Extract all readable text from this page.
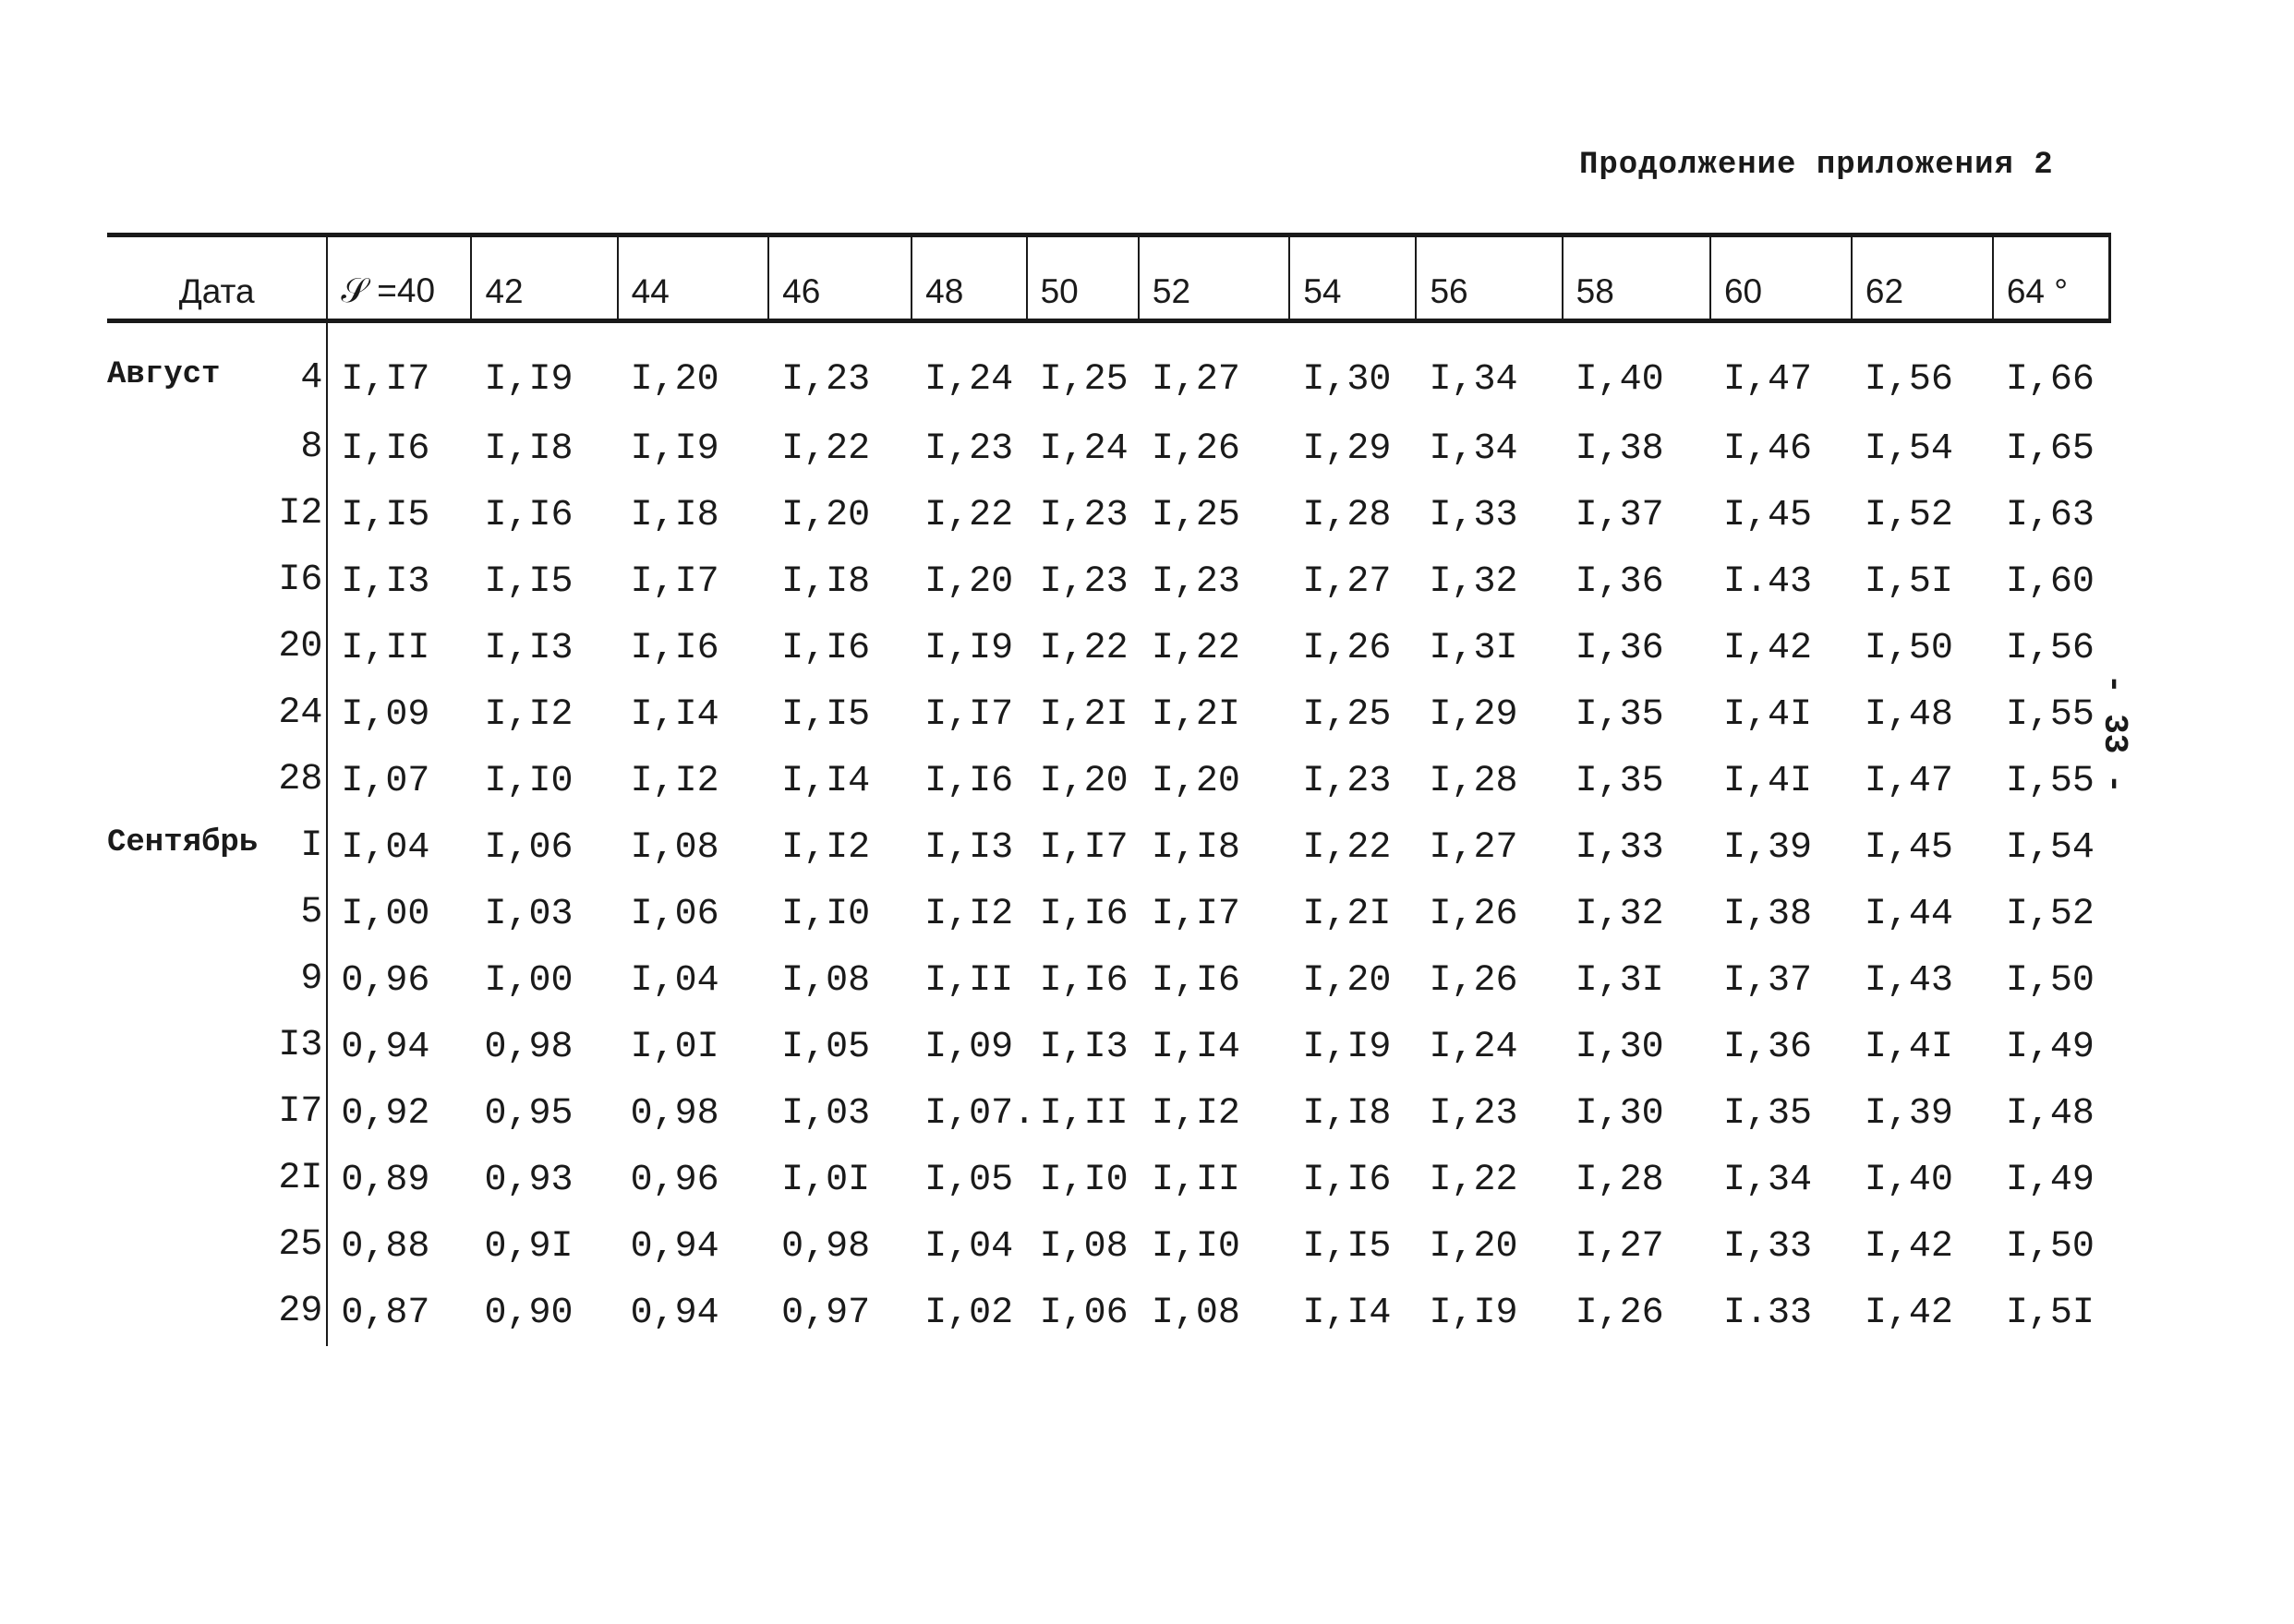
Продолжение приложения 2
- 33 -
Дата	𝒮 =40	42	44	46	48	50	52	54	56	58	60	62	64 °

Август 4	I,I7	I,I9	I,20	I,23	I,24	I,25	I,27	I,30	I,34	I,40	I,47	I,56	I,66

8	I,I6	I,I8	I,I9	I,22	I,23	I,24	I,26	I,29	I,34	I,38	I,46	I,54	I,65

I2	I,I5	I,I6	I,I8	I,20	I,22	I,23	I,25	I,28	I,33	I,37	I,45	I,52	I,63

I6	I,I3	I,I5	I,I7	I,I8	I,20	I,23	I,23	I,27	I,32	I,36	I.43	I,5I	I,60

20	I,II	I,I3	I,I6	I,I6	I,I9	I,22	I,22	I,26	I,3I	I,36	I,42	I,50	I,56

24	I,09	I,I2	I,I4	I,I5	I,I7	I,2I	I,2I	I,25	I,29	I,35	I,4I	I,48	I,55

28	I,07	I,I0	I,I2	I,I4	I,I6	I,20	I,20	I,23	I,28	I,35	I,4I	I,47	I,55

Сентябрь I	I,04	I,06	I,08	I,I2	I,I3	I,I7	I,I8	I,22	I,27	I,33	I,39	I,45	I,54

5	I,00	I,03	I,06	I,I0	I,I2	I,I6	I,I7	I,2I	I,26	I,32	I,38	I,44	I,52

9	0,96	I,00	I,04	I,08	I,II	I,I6	I,I6	I,20	I,26	I,3I	I,37	I,43	I,50

I3	0,94	0,98	I,0I	I,05	I,09	I,I3	I,I4	I,I9	I,24	I,30	I,36	I,4I	I,49

I7	0,92	0,95	0,98	I,03	I,07.	I,II	I,I2	I,I8	I,23	I,30	I,35	I,39	I,48

2I	0,89	0,93	0,96	I,0I	I,05	I,I0	I,II	I,I6	I,22	I,28	I,34	I,40	I,49

25	0,88	0,9I	0,94	0,98	I,04	I,08	I,I0	I,I5	I,20	I,27	I,33	I,42	I,50

29	0,87	0,90	0,94	0,97	I,02	I,06	I,08	I,I4	I,I9	I,26	I.33	I,42	I,5I
